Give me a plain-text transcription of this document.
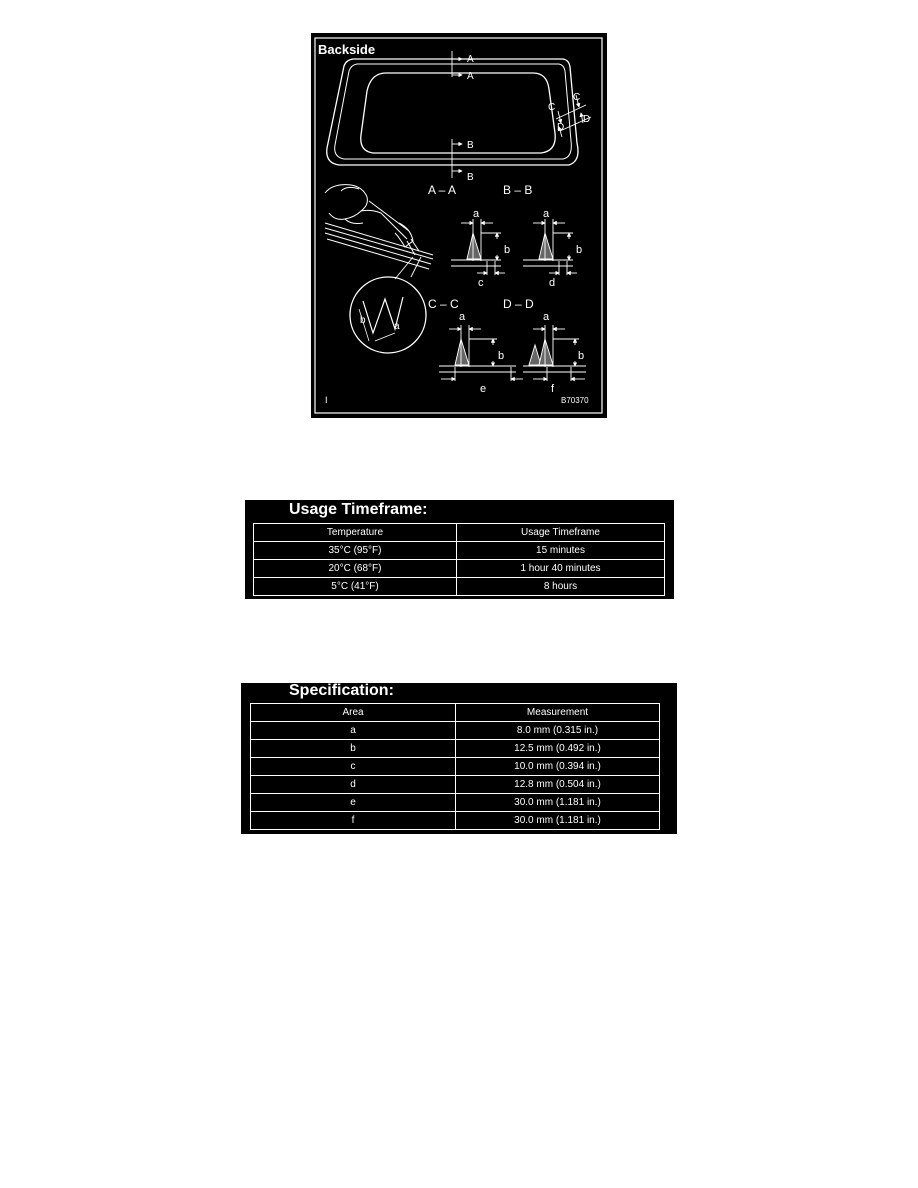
Backside
A
A
B
B
C
C
D
D
b
a
A – A	B – B
C – C	D – D
a
b
c
a
b
d
a
b
e
a
b
f
I	B70370
Usage Timeframe:
Temperature	Usage Timeframe
35°C (95°F)	15 minutes
20°C (68°F)	1 hour 40 minutes
5°C (41°F)	8 hours
Specification:
Area	Measurement
a	8.0 mm (0.315 in.)
b	12.5 mm (0.492 in.)
c	10.0 mm (0.394 in.)
d	12.8 mm (0.504 in.)
e	30.0 mm (1.181 in.)
f	30.0 mm (1.181 in.)
